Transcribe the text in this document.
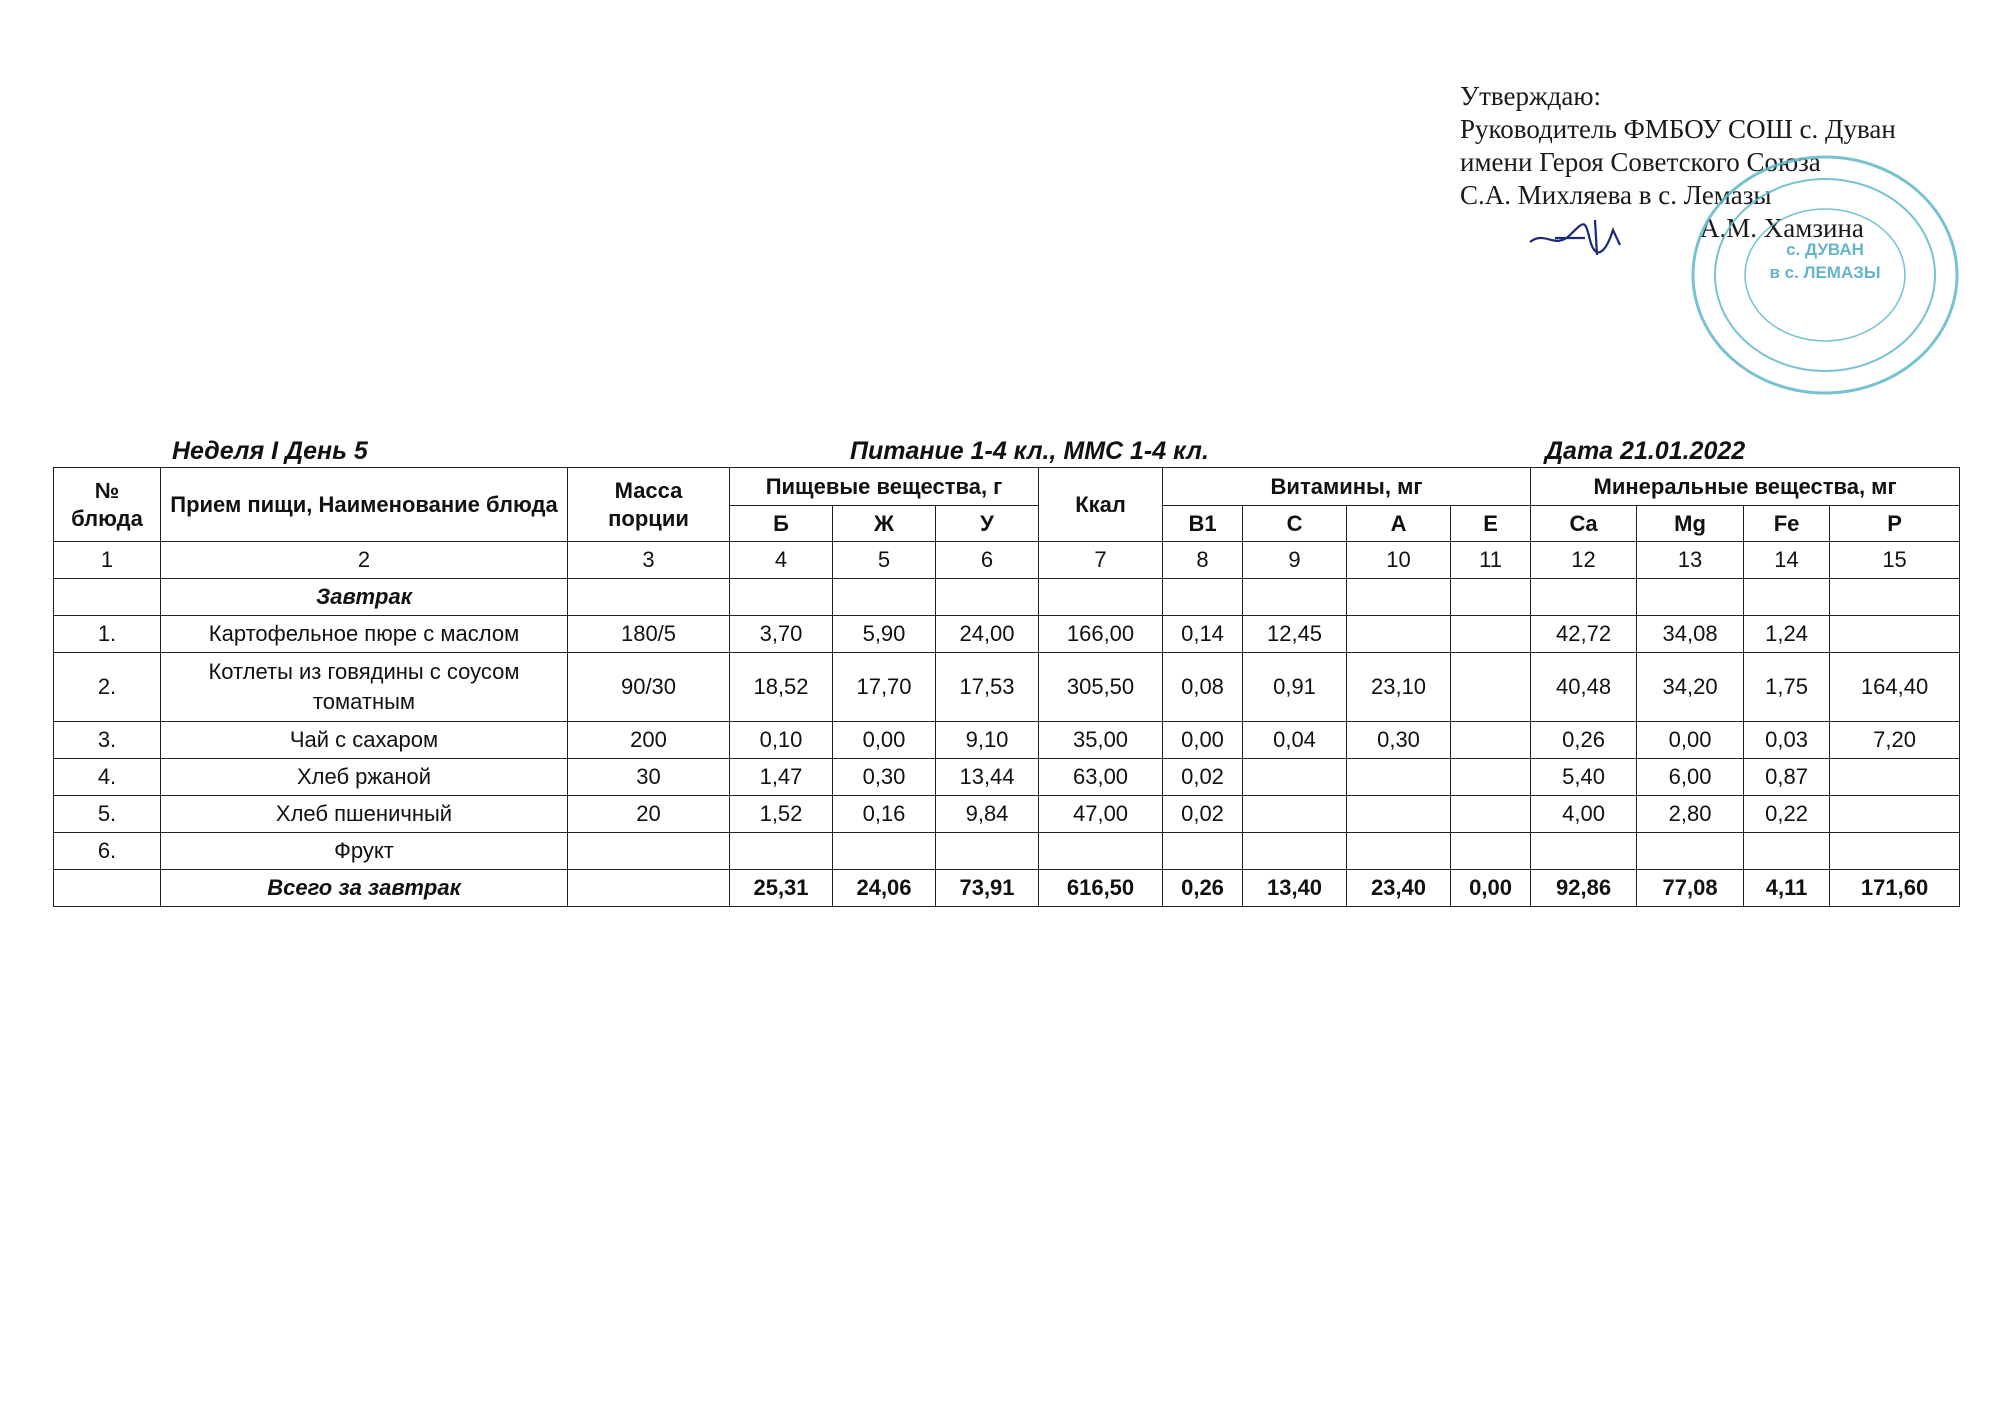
Утверждаю:
Руководитель ФМБОУ СОШ с. Дуван
имени Героя Советского Союза
С.А. Михляева в с. Лемазы
А.М. Хамзина
с. ДУВАН
в с. ЛЕМАЗЫ
Неделя I День 5	Питание 1-4 кл., ММС 1-4 кл.	Дата 21.01.2022
№ блюда	Прием пищи, Наименование блюда	Масса порции	Пищевые вещества, г			Ккал	Витамины, мг				Минеральные вещества, мг			
			Б	Ж	У		В1	С	А	Е	Ca	Mg	Fe	P
1	2	3	4	5	6	7	8	9	10	11	12	13	14	15
	Завтрак													
1.	Картофельное пюре с маслом	180/5	3,70	5,90	24,00	166,00	0,14	12,45			42,72	34,08	1,24	
2.	Котлеты из говядины с соусом томатным	90/30	18,52	17,70	17,53	305,50	0,08	0,91	23,10		40,48	34,20	1,75	164,40
3.	Чай с сахаром	200	0,10	0,00	9,10	35,00	0,00	0,04	0,30		0,26	0,00	0,03	7,20
4.	Хлеб ржаной	30	1,47	0,30	13,44	63,00	0,02				5,40	6,00	0,87	
5.	Хлеб пшеничный	20	1,52	0,16	9,84	47,00	0,02				4,00	2,80	0,22	
6.	Фрукт													
	Всего за завтрак		25,31	24,06	73,91	616,50	0,26	13,40	23,40	0,00	92,86	77,08	4,11	171,60
